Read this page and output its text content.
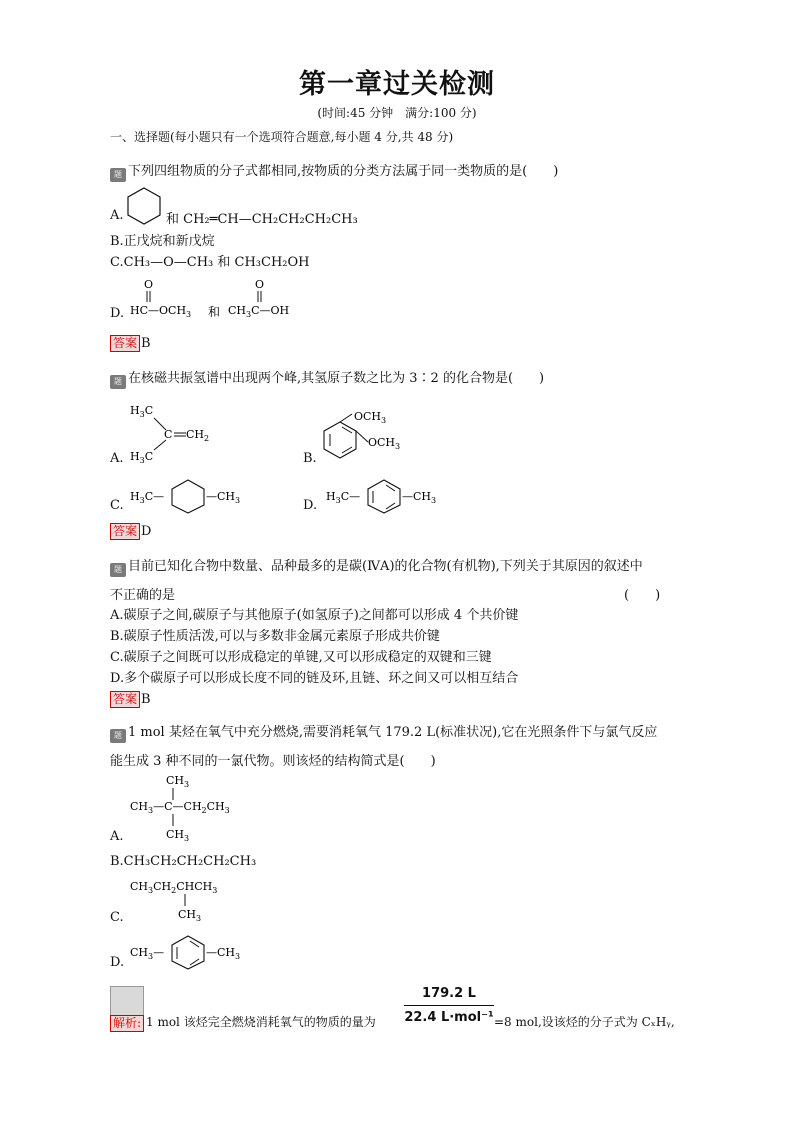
第一章过关检测
(时间:45 分钟　满分:100 分)
一、选择题(每小题只有一个选项符合题意,每小题 4 分,共 48 分)
题 下列四组物质的分子式都相同,按物质的分类方法属于同一类物质的是(　　)
A.	和 CH₂═CH—CH₂CH₂CH₂CH₃
B.正戊烷和新戊烷
C.CH₃—O—CH₃ 和 CH₃CH₂OH
D.
O
$HC—OCH_3$ 和
O
$CH_3C—OH$
答案 B
题 在核磁共振氢谱中出现两个峰,其氢原子数之比为 3∶2 的化合物是(　　)
A.
$H_3C$
$H_3C$
C $CH_2$
B.
$OCH_3$
$OCH_3$
C.
$H_3C—$	$—CH_3$	D.
$H_3C—$	$—CH_3$
答案 D
题 目前已知化合物中数量、品种最多的是碳(ⅣA)的化合物(有机物),下列关于其原因的叙述中
不正确的是	(　　)
A.碳原子之间,碳原子与其他原子(如氢原子)之间都可以形成 4 个共价键
B.碳原子性质活泼,可以与多数非金属元素原子形成共价键
C.碳原子之间既可以形成稳定的单键,又可以形成稳定的双键和三键
D.多个碳原子可以形成长度不同的链及环,且链、环之间又可以相互结合
答案 B
题 1 mol 某烃在氧气中充分燃烧,需要消耗氧气 179.2 L(标准状况),它在光照条件下与氯气反应
能生成 3 种不同的一氯代物。则该烃的结构简式是(　　)
A.
$CH_3$
$CH_3—C—CH_2CH_3$
$CH_3$
B.CH₃CH₂CH₂CH₂CH₃
C.
$CH_3CH_2CHCH_3$
$CH_3$
D.
$CH_3—$	$—CH_3$
解析: 1 mol 该烃完全燃烧消耗氧气的物质的量为
179.2 L
22.4 L·mol⁻¹ =8 mol,设该烃的分子式为 CₓHᵧ,
